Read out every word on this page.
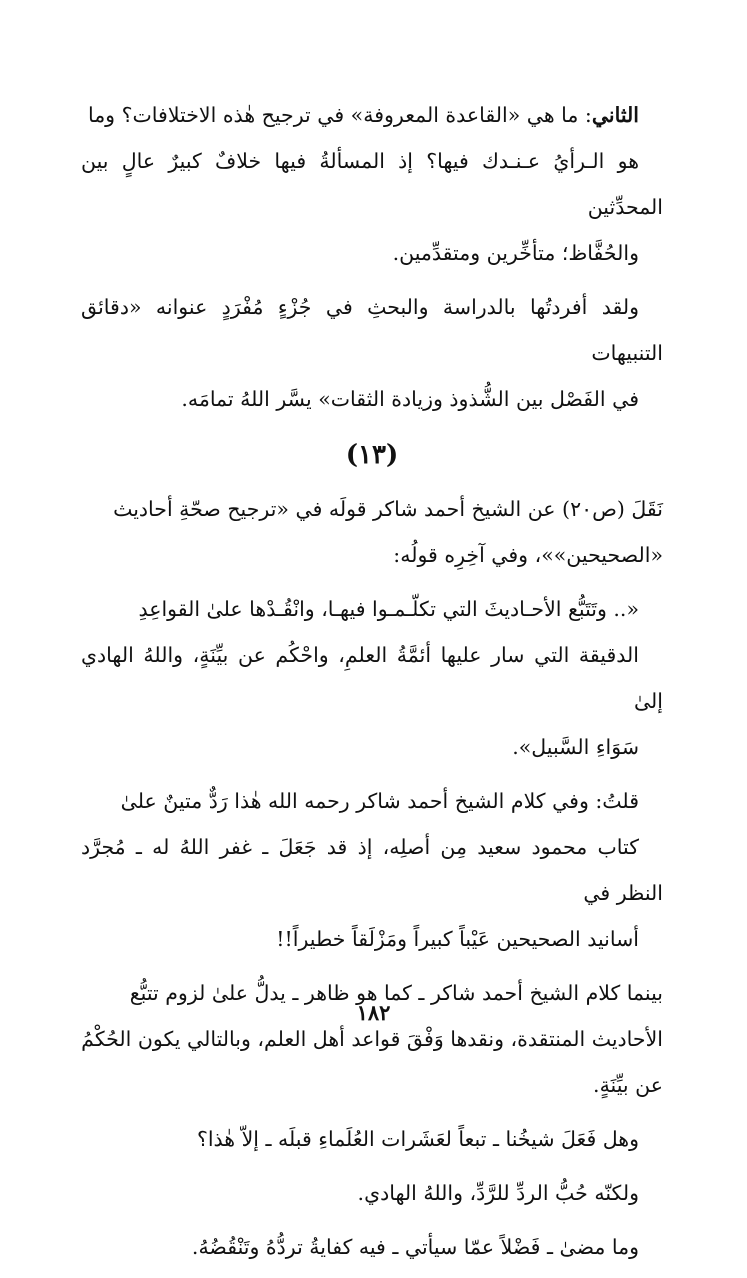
الثاني: ما هي «القاعدة المعروفة» في ترجيح هٰذه الاختلافات؟ وما
هو الـرأيُ عـنـدك فيها؟ إذ المسألةُ فيها خلافٌ كبيرٌ عالٍ بين المحدِّثين
والحُفَّاظ؛ متأخِّرين ومتقدِّمين.

ولقد أفردتُها بالدراسة والبحثِ في جُزْءٍ مُفْرَدٍ عنوانه «دقائق التنبيهات
في الفَصْل بين الشُّذوذ وزيادة الثقات» يسَّر اللهُ تمامَه.

(١٣)

نَقَلَ (ص٢٠) عن الشيخ أحمد شاكر قولَه في «ترجيح صحّةِ أحاديث
«الصحيحين»»، وفي آخِرِه قولُه:

«.. وتَتَبُّع الأحـاديثَ التي تكلّـمـوا فيهـا، وانْقُـدْها علىٰ القواعِدِ
الدقيقة التي سار عليها أئمَّةُ العلمِ، واحْكُم عن بيِّنَةٍ، واللهُ الهادي إلىٰ
سَوَاءِ السَّبيل».

قلتُ: وفي كلام الشيخ أحمد شاكر رحمه الله هٰذا رَدٌّ متينٌ علىٰ
كتاب محمود سعيد مِن أصلِه، إذ قد جَعَلَ ـ غفر اللهُ له ـ مُجرَّد النظر في
أسانيد الصحيحين عَيْباً كبيراً ومَزْلَقاً خطيراً!!

بينما كلام الشيخ أحمد شاكر ـ كما هو ظاهر ـ يدلُّ علىٰ لزوم تتبُّع
الأحاديث المنتقدة، ونقدها وَفْقَ قواعد أهل العلم، وبالتالي يكون الحُكْمُ
عن بيِّنَةٍ.

وهل فَعَلَ شيخُنا ـ تبعاً لعَشَرات العُلَماءِ قبلَه ـ إلاّ هٰذا؟

ولكنّه حُبُّ الردِّ للرَّدِّ، واللهُ الهادي.

وما مضىٰ ـ فَضْلاً عمّا سيأتي ـ فيه كفايةُ تردُّهُ وتَنْقُضُهُ.

١٨٢
